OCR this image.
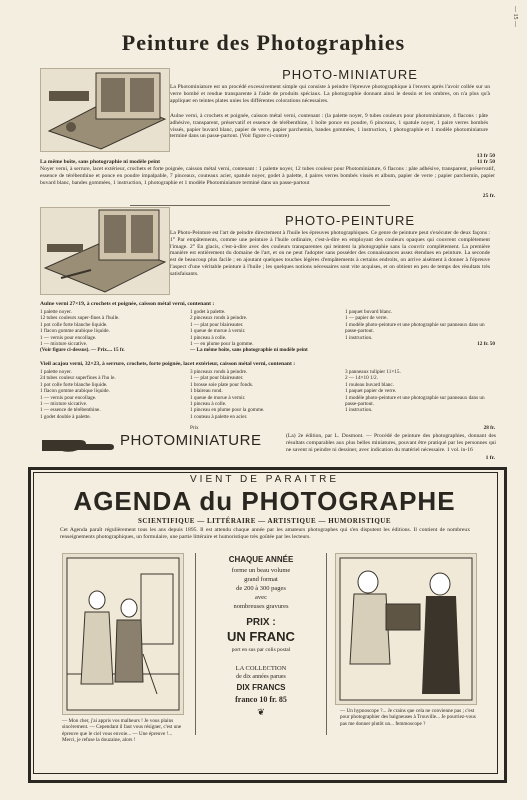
— 15 —
Peinture des Photographies
PHOTO-MINIATURE
La Photominiature est un procédé excessivement simple qui consiste à peindre l'épreuve photographique à l'envers après l'avoir collée sur un verre bombé et rendue transparente à l'aide de produits spéciaux. La photographie donnant ainsi le dessin et les ombres, on n'a plus qu'à appliquer en teintes plates unies les différentes colorations nécessaires.
Aulne verni, à crochets et poignée, caisson métal verni, contenant : (la palette noyer, 9 tubes couleurs pour photominiature, 4 flacons : pâte adhésive, transparent, préservatif et essence de térébenthine, 1 boîte ponce en poudre, 6 pinceaux, 1 spatule noyer, 1 paire verres bombés vissés, papier buvard blanc, papier de verre, papier parchemin, bandes gommées, 1 instruction, 1 photographie et 1 modèle photominiature terminé dans un passe-partout. (Voir figure ci-contre)
13 fr 50
La même boîte, sans photographie ni modèle peint	11 fr 50
Noyer verni, à serrure, lacet extérieur, crochets et forte poignée, caisson métal verni, contenant : 1 palette noyer, 12 tubes couleur pour Photominiature, 6 flacons : pâte adhésive, transparent, préservatif, essence de térébenthine et ponce en poudre impalpable, 7 pinceaux, couteaux acier, spatule noyer, godet à palette, 4 paires verres bombés vissés et album, papier de verre ; papier parchemin, papier buvard blanc, bandes gommées, 1 instruction, 1 photographie et 1 modèle Photominiature terminé dans un passe-partout
25 fr.
PHOTO-PEINTURE
La Photo-Peinture est l'art de peindre directement à l'huile les épreuves photographiques. Ce genre de peinture peut s'exécuter de deux façons : 1° Par empâtements, comme une peinture à l'huile ordinaire, c'est-à-dire en employant des couleurs opaques qui couvrent complètement l'image. 2° En glacis, c'est-à-dire avec des couleurs transparentes qui teintent la photographie sans la couvrir complètement. La première manière est entièrement du domaine de l'art, et on ne peut l'adopter sans posséder des connaissances assez étendues en peinture. La seconde est de beaucoup plus facile ; en ajoutant quelques touches légères d'empâtements à certains endroits, on arrive aisément à donner à l'épreuve l'aspect d'une véritable peinture à l'huile ; les quelques notions nécessaires sont vite acquises, et on obtient en peu de temps des résultats très satisfaisants.
Aulne verni 27×19, à crochets et poignée, caisson métal verni, contenant :
1 palette noyer.
12 tubes couleurs super-fines à l'huile.
1 pot colle forte blanche liquide.
1 flacon gomme arabique liquide.
1 — vernis pour encollage.
1 — mixture siccative.
(Voir figure ci-dessus). — Prix.... 15 fr.
1 godet à palette.
2 pinceaux ronds à peindre.
1 — plat pour blaireauter.
1 queue de morue à vernir.
1 pinceau à colle.
1 — en plume pour la gomme.
— La même boîte, sans photographie ni modèle peint
1 paquet buvard blanc.
1 — papier de verre.
1 modèle photo-peinture et une photographie sur panneaux dans un passe-partout.
1 instruction.
12 fr. 50
Vieil acajou verni, 32×23, à serrure, crochets, forte poignée, lacet extérieur, caisson métal verni, contenant :
1 palette noyer.
24 tubes couleur superfines à l'hu le.
1 pot colle forte blanche liquide.
1 flacon gomme arabique liquide.
1 — vernis pour encollage.
1 — mixture siccative.
1 — essence de térébenthine.
1 godet double à palette.
3 pinceaux ronds à peindre.
1 — plat pour blaireauter.
1 brosse soie plate pour fonds.
1 blaireau rond.
1 queue de morue à vernir.
1 pinceau à colle.
1 pinceau en plume pour la gomme.
1 couteau à palette en acier.
3 panneaux tulipier 11×15.
2 — 14×10 1/2.
1 rouleau buvard blanc.
1 paquet papier de verre.
1 modèle photo-peinture et une photographie sur panneaux dans un passe-partout.
1 instruction.
Prix	28 fr.
PHOTOMINIATURE	(La) 2e édition, par L. Dosmont. — Procédé de peinture des photographies, donnant des résultats comparables aux plus belles miniatures, pouvant être pratiqué par les personnes qui ne savent ni peindre ni dessiner, avec indication du matériel nécessaire. 1 vol. in-16
1 fr.
VIENT DE PARAITRE
AGENDA du PHOTOGRAPHE
SCIENTIFIQUE — LITTÉRAIRE — ARTISTIQUE — HUMORISTIQUE
Cet Agenda paraît régulièrement tous les ans depuis 1895. Il est attendu chaque année par les amateurs photographes qui s'en disputent les éditions. Il contient de nombreux renseignements photographiques, un formulaire, une partie littéraire et humoristique très goûtée par les lecteurs.
— Mon cher, j'ai appris vos malheurs ! Je vous plains sincèrement. — Cependant il faut vous résigner, c'est une épreuve que le ciel vous envoie... — Une épreuve !... Merci, je refuse la douzaine, alors !
CHAQUE ANNÉE
forme un beau volume
grand format
de 200 à 300 pages
avec
nombreuses gravures
PRIX :
UN FRANC
port en sus par colis postal
LA COLLECTION
de dix années parues
DIX FRANCS
franco 10 fr. 85
❦	— Un hypnoscope ?... Je crains que cela ne convienne pas ; c'est pour photographier des baigneuses à Trouville... Je pourriez-vous pas me donner plutôt un... femmoscope ?
